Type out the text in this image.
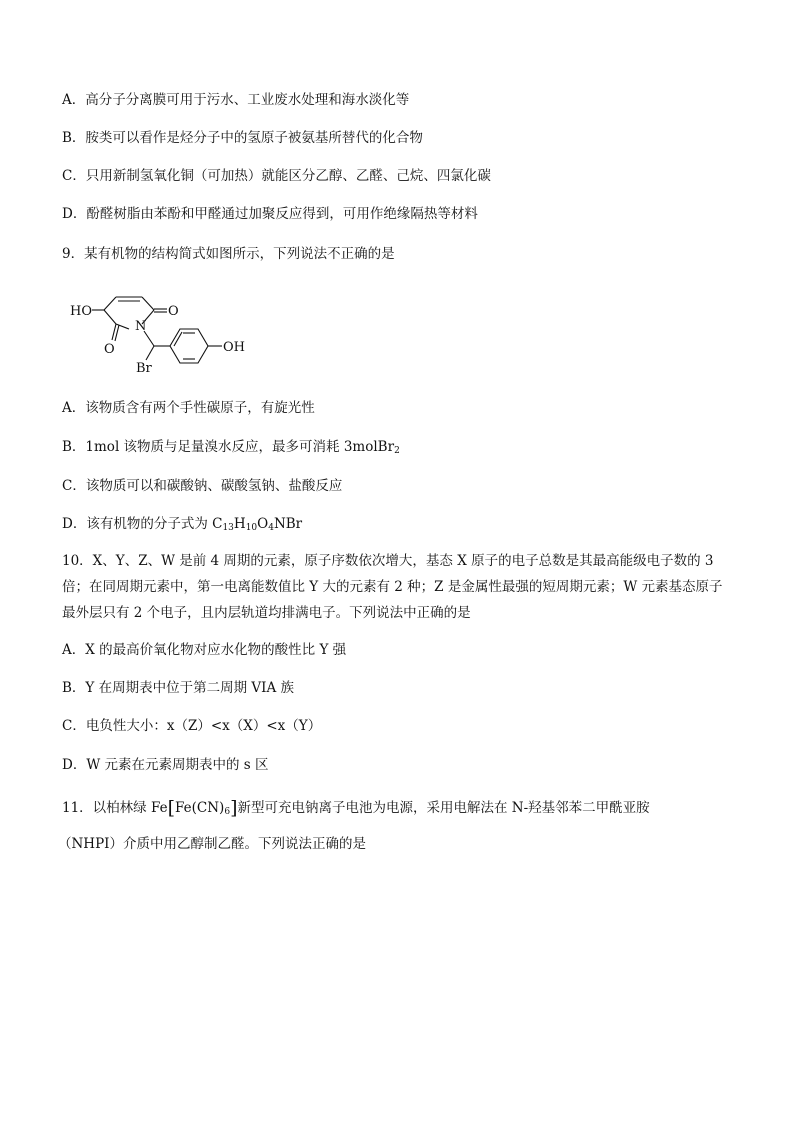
A．高分子分离膜可用于污水、工业废水处理和海水淡化等
B．胺类可以看作是烃分子中的氢原子被氨基所替代的化合物
C．只用新制氢氧化铜（可加热）就能区分乙醇、乙醛、己烷、四氯化碳
D．酚醛树脂由苯酚和甲醛通过加聚反应得到，可用作绝缘隔热等材料
9．某有机物的结构简式如图所示，下列说法不正确的是
HO	O
O
N
Br
OH
A．该物质含有两个手性碳原子，有旋光性
B．1mol 该物质与足量溴水反应，最多可消耗 3molBr$_2$
C．该物质可以和碳酸钠、碳酸氢钠、盐酸反应
D．该有机物的分子式为 $C_{13}H_{10}O_4NBr$
10．X、Y、Z、W 是前 4 周期的元素，原子序数依次增大，基态 X 原子的电子总数是其最高能级电子数的 3 倍；在同周期元素中，第一电离能数值比 Y 大的元素有 2 种；Z 是金属性最强的短周期元素；W 元素基态原子最外层只有 2 个电子，且内层轨道均排满电子。下列说法中正确的是
A．X 的最高价氧化物对应水化物的酸性比 Y 强
B．Y 在周期表中位于第二周期 VIA 族
C．电负性大小：x（Z）<x（X）<x（Y）
D．W 元素在元素周期表中的 s 区
11．以柏林绿 $Fe[Fe(CN)_6]$新型可充电钠离子电池为电源，采用电解法在 N-羟基邻苯二甲酰亚胺
（NHPI）介质中用乙醇制乙醛。下列说法正确的是
